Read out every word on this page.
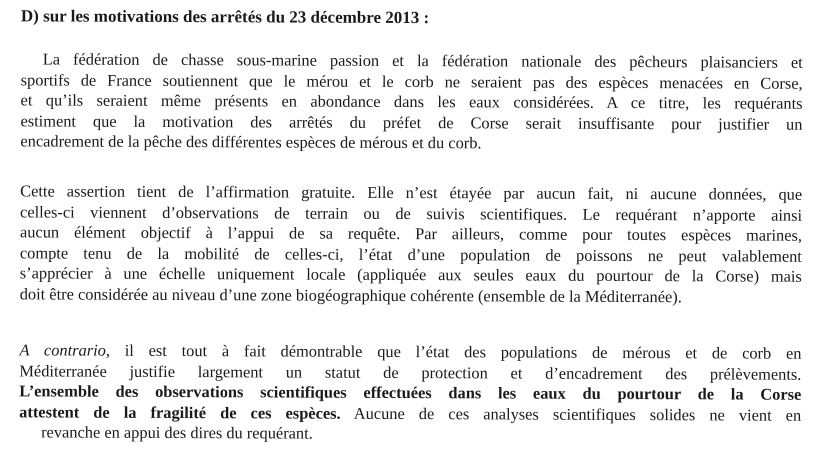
D) sur les motivations des arrêtés du 23 décembre 2013 :

La fédération de chasse sous-marine passion et la fédération nationale des pêcheurs plaisanciers et
sportifs de France soutiennent que le mérou et le corb ne seraient pas des espèces menacées en Corse,
et qu’ils seraient même présents en abondance dans les eaux considérées. A ce titre, les requérants
estiment que la motivation des arrêtés du préfet de Corse serait insuffisante pour justifier un
encadrement de la pêche des différentes espèces de mérous et du corb.

Cette assertion tient de l’affirmation gratuite. Elle n’est étayée par aucun fait, ni aucune données, que
celles-ci viennent d’observations de terrain ou de suivis scientifiques. Le requérant n’apporte ainsi
aucun élément objectif à l’appui de sa requête. Par ailleurs, comme pour toutes espèces marines,
compte tenu de la mobilité de celles-ci, l’état d’une population de poissons ne peut valablement
s’apprécier à une échelle uniquement locale (appliquée aux seules eaux du pourtour de la Corse) mais
doit être considérée au niveau d’une zone biogéographique cohérente (ensemble de la Méditerranée).

A contrario, il est tout à fait démontrable que l’état des populations de mérous et de corb en
Méditerranée justifie largement un statut de protection et d’encadrement des prélèvements.
L’ensemble des observations scientifiques effectuées dans les eaux du pourtour de la Corse
attestent de la fragilité de ces espèces. Aucune de ces analyses scientifiques solides ne vient en
revanche en appui des dires du requérant.
